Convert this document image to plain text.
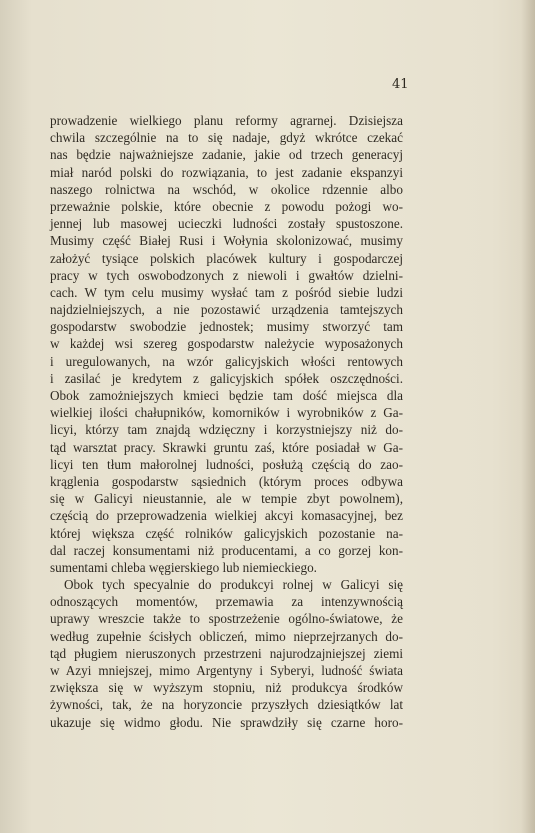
41
prowadzenie wielkiego planu reformy agrarnej. Dzisiejsza
chwila szczególnie na to się nadaje, gdyż wkrótce czekać
nas będzie najważniejsze zadanie, jakie od trzech generacyj
miał naród polski do rozwiązania, to jest zadanie ekspanzyi
naszego rolnictwa na wschód, w okolice rdzennie albo
przeważnie polskie, które obecnie z powodu pożogi wo-
jennej lub masowej ucieczki ludności zostały spustoszone.
Musimy część Białej Rusi i Wołynia skolonizować, musimy
założyć tysiące polskich placówek kultury i gospodarczej
pracy w tych oswobodzonych z niewoli i gwałtów dzielni-
cach. W tym celu musimy wysłać tam z pośród siebie ludzi
najdzielniejszych, a nie pozostawić urządzenia tamtejszych
gospodarstw swobodzie jednostek; musimy stworzyć tam
w każdej wsi szereg gospodarstw należycie wyposażonych
i uregulowanych, na wzór galicyjskich włości rentowych
i zasilać je kredytem z galicyjskich spółek oszczędności.
Obok zamożniejszych kmieci będzie tam dość miejsca dla
wielkiej ilości chałupników, komorników i wyrobników z Ga-
licyi, którzy tam znajdą wdzięczny i korzystniejszy niż do-
tąd warsztat pracy. Skrawki gruntu zaś, które posiadał w Ga-
licyi ten tłum małorolnej ludności, posłużą częścią do zao-
krąglenia gospodarstw sąsiednich (którym proces odbywa
się w Galicyi nieustannie, ale w tempie zbyt powolnem),
częścią do przeprowadzenia wielkiej akcyi komasacyjnej, bez
której większa część rolników galicyjskich pozostanie na-
dal raczej konsumentami niż producentami, a co gorzej kon-
sumentami chleba węgierskiego lub niemieckiego.
Obok tych specyalnie do produkcyi rolnej w Galicyi się
odnoszących momentów, przemawia za intenzywnością
uprawy wreszcie także to spostrzeżenie ogólno-światowe, że
według zupełnie ścisłych obliczeń, mimo nieprzejrzanych do-
tąd pługiem nieruszonych przestrzeni najurodzajniejszej ziemi
w Azyi mniejszej, mimo Argentyny i Syberyi, ludność świata
zwiększa się w wyższym stopniu, niż produkcya środków
żywności, tak, że na horyzoncie przyszłych dziesiątków lat
ukazuje się widmo głodu. Nie sprawdziły się czarne horo-
